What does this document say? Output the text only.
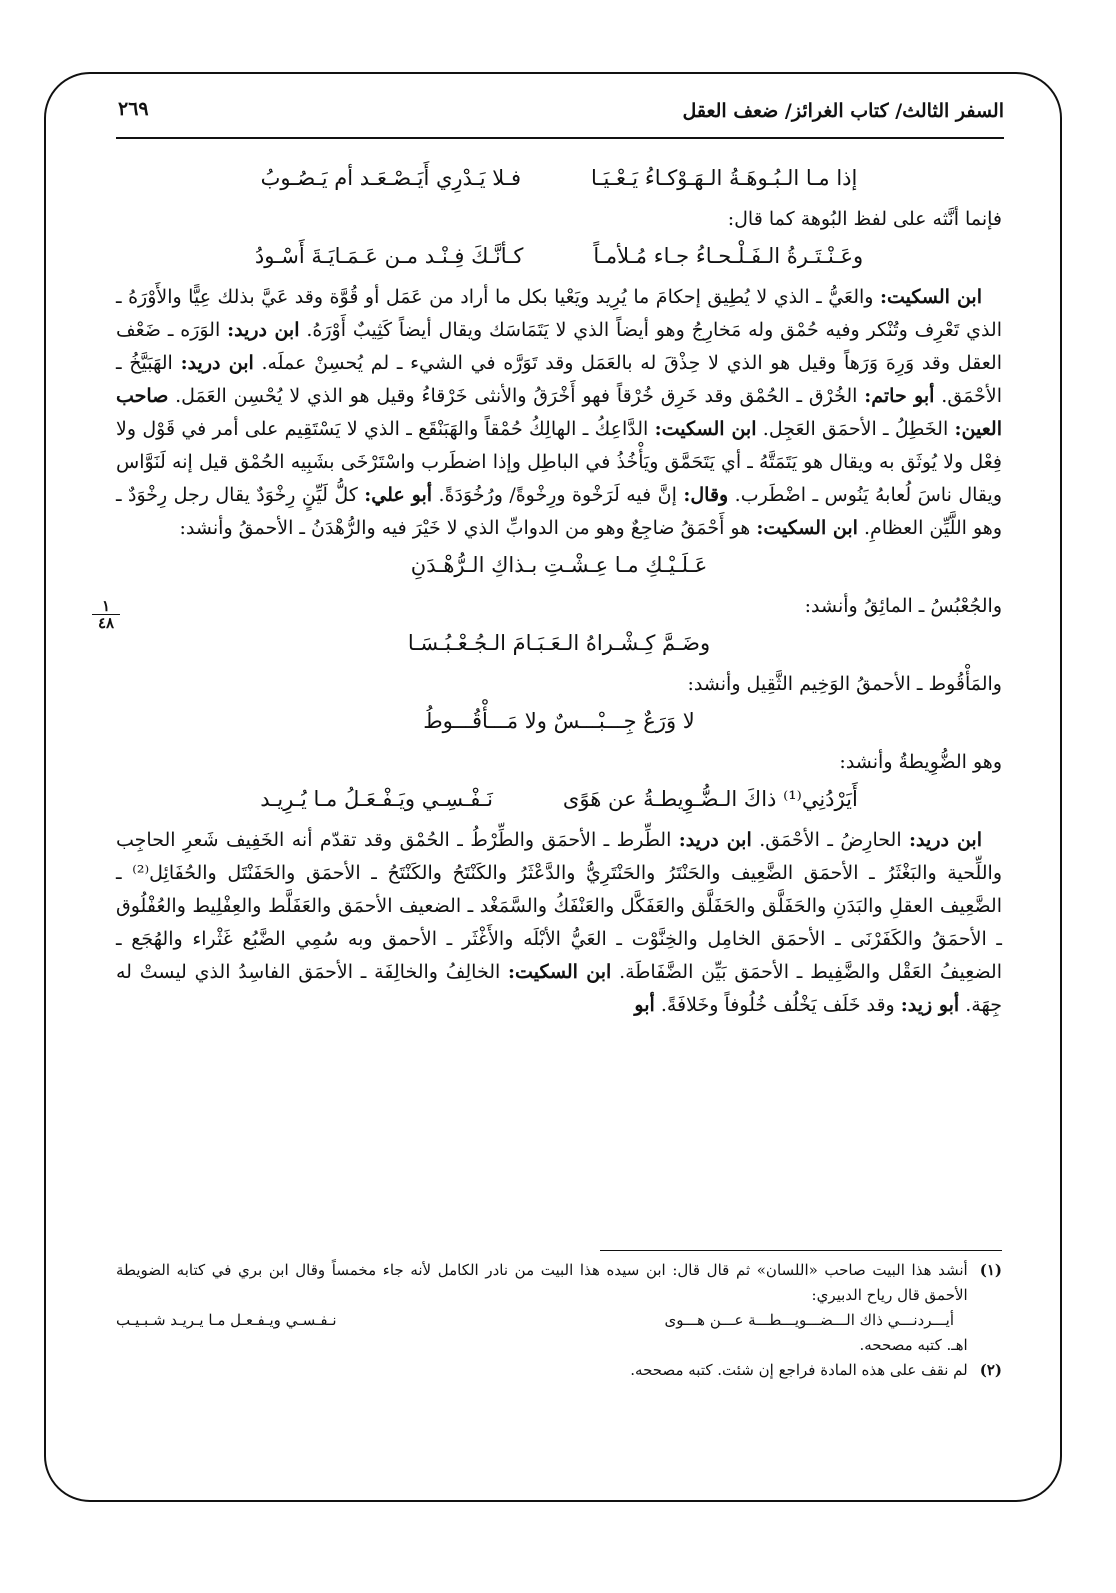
٢٦٩	السفر الثالث/ كتاب الغرائز/ ضعف العقل
١
٤٨
إذا مـا الـبُـوهَـةُ الـهَـوْكـاءُ يَـعْـيَـا
فـلا يَـدْرِي أَيَـصْـعَـد أم يَـصُـوبُ

فإنما أنَّثه على لفظ البُوهة كما قال:

وعَـنْـتَـرةُ الـفَـلْـحـاءُ جـاء مُـلأمـاً
كـأنَّـكَ فِـنْـد مـن عَـمَـايَـةَ أَسْـودُ

ابن السكيت: والعَيُّ ـ الذي لا يُطِيق إحكامَ ما يُرِيد ويَعْيا بكل ما أراد من عَمَل أو قُوَّة وقد عَيَّ بذلك عِيًّا والأَوْرَهُ ـ الذي تَعْرِف وتُنْكر وفيه حُمْق وله مَخارِجُ وهو أيضاً الذي لا يَتَمَاسَك ويقال أيضاً كَثِيبٌ أَوْرَهُ. ابن دريد: الوَرَه ـ ضَعْف العقل وقد وَرِهَ وَرَهاً وقيل هو الذي لا حِذْقَ له بالعَمَل وقد تَوَرَّه في الشيء ـ لم يُحسِنْ عملَه. ابن دريد: الهَبَيَّخُ ـ الأحْمَق. أبو حاتم: الخُرْق ـ الحُمْق وقد خَرِق خُرْقاً فهو أَخْرَقُ والأنثى خَرْقاءُ وقيل هو الذي لا يُحْسِن العَمَل. صاحب العين: الخَطِلُ ـ الأحمَق العَجِل. ابن السكيت: الدَّاعِكُ ـ الهالِكُ حُمْقاً والهَبَنْقَع ـ الذي لا يَسْتَقِيم على أمر في قَوْل ولا فِعْل ولا يُوثَق به ويقال هو يَتَمَتَّهُ ـ أي يَتَحَمَّق ويَأْخُذُ في الباطِل وإذا اضطَرب واسْتَرْخَى بشَبِيه الحُمْق قيل إنه لَنَوَّاس ويقال ناسَ لُعابهُ يَنُوس ـ اضْطَرب. وقال: إنَّ فيه لَرَخْوة ورِخْوةً/ ورُخُوَدَةً. أبو علي: كلُّ لَيِّنٍ رِخْوَدٌ يقال رجل رِخْوَدٌ ـ وهو اللَّيِّن العظامِ. ابن السكيت: هو أَحْمَقُ ضاجِعٌ وهو من الدوابِّ الذي لا خَيْرَ فيه والرُّهْدَنُ ـ الأحمقُ وأنشد:

عَـلَـيْـكِ مـا عِـشْـتِ بـذاكِ الـرُّهْـدَنِ

والجُعْبُسُ ـ المائِقُ وأنشد:

وضَـمَّ كِـشْـراهُ الـعَـبَـامَ الـجُـعْـبُـسَـا

والمَأْقُوط ـ الأحمقُ الوَخِيم الثَّقِيل وأنشد:

لا وَرَعٌ جِـــبْـــسٌ ولا مَـــأْقُـــوطُ

وهو الضُّوِيطةُ وأنشد:

أَيَرْدُنِي⁽¹⁾ ذاكَ الـضُّـوِيطـةُ عن هَوًى
نَـفْـسِـي ويَـفْـعَـلُ مـا يُـرِيـد

ابن دريد: الحارِضُ ـ الأحْمَق. ابن دريد: الطِّرط ـ الأحمَق والطِّرْطُ ـ الحُمْق وقد تقدّم أنه الخَفِيف شَعرِ الحاجِب واللِّحية والبَغْثَرُ ـ الأحمَق الضَّعِيف والحَنْتَرُ والحَنْتَرِيُّ والدَّعْثَرُ والكَنْتَحُ والكَنْتَحُ ـ الأحمَق والحَفَنْتَل والحُفَائِل⁽²⁾ ـ الضَّعِيف العقلِ والبَدَنِ والحَفَلَّق والحَفَلَّق والعَفَكَّل والعَنْفَكُ والسَّمَغْد ـ الضعيف الأحمَق والعَفَلَّط والعِفْلِيط والعُفْلُوق ـ الأحمَقُ والكَفَرْنَى ـ الأحمَق الخامِل والخِنَّوْت ـ العَيُّ الأبْلَه والأَغْثَر ـ الأحمق وبه سُمِي الضَّبُع غَثْراء والهُجَع ـ الضعِيفُ العَقْل والضَّفِيط ـ الأحمَق بَيِّن الضَّفَاطَة. ابن السكيت: الخالِفُ والخالِفَة ـ الأحمَق الفاسِدُ الذي ليستْ له جِهَة. أبو زيد: وقد خَلَف يَخْلُف خُلُوفاً وخَلافَةً. أبو

(١)
أنشد هذا البيت صاحب «اللسان» ثم قال قال: ابن سيده هذا البيت من نادر الكامل لأنه جاء مخمساً وقال ابن بري في كتابه الضويطة الأحمق قال رياح الدبيري:
أيـــردنـــي ذاك الـــضـــويـــطـــة عـــن هـــوى
نـفـسـي ويـفـعـل مـا يـريـد شـبـيـب
اهـ. كتبه مصححه.
(٢)
لم نقف على هذه المادة فراجع إن شئت. كتبه مصححه.
